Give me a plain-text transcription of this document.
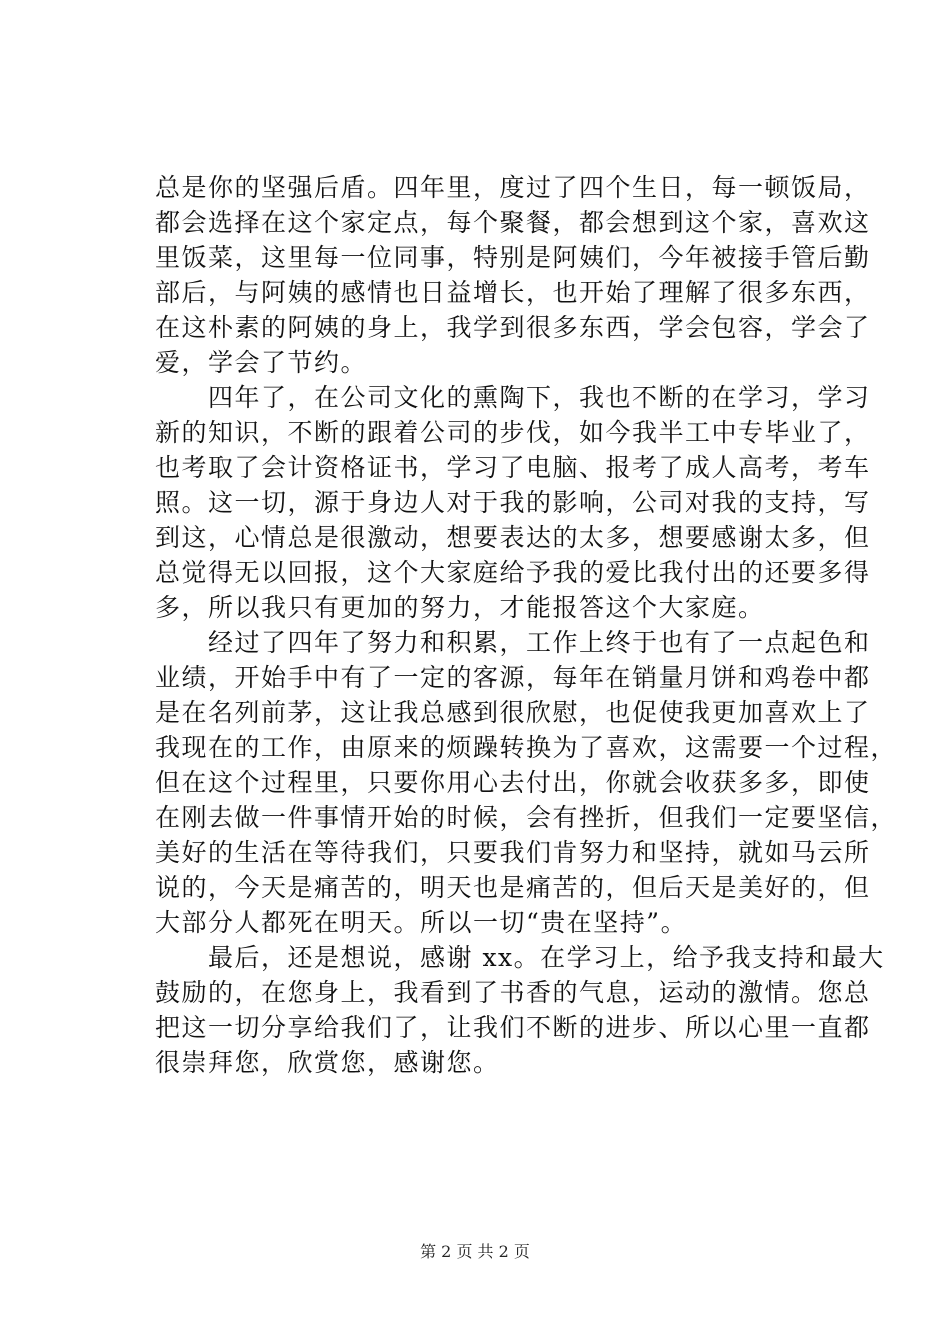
总是你的坚强后盾。四年里，度过了四个生日，每一顿饭局，
都会选择在这个家定点，每个聚餐，都会想到这个家，喜欢这
里饭菜，这里每一位同事，特别是阿姨们，今年被接手管后勤
部后，与阿姨的感情也日益增长，也开始了理解了很多东西，
在这朴素的阿姨的身上，我学到很多东西，学会包容，学会了
爱，学会了节约。
　　四年了，在公司文化的熏陶下，我也不断的在学习，学习
新的知识，不断的跟着公司的步伐，如今我半工中专毕业了，
也考取了会计资格证书，学习了电脑、报考了成人高考，考车
照。这一切，源于身边人对于我的影响，公司对我的支持，写
到这，心情总是很激动，想要表达的太多，想要感谢太多，但
总觉得无以回报，这个大家庭给予我的爱比我付出的还要多得
多，所以我只有更加的努力，才能报答这个大家庭。
　　经过了四年了努力和积累，工作上终于也有了一点起色和
业绩，开始手中有了一定的客源，每年在销量月饼和鸡卷中都
是在名列前茅，这让我总感到很欣慰，也促使我更加喜欢上了
我现在的工作，由原来的烦躁转换为了喜欢，这需要一个过程，
但在这个过程里，只要你用心去付出，你就会收获多多，即使
在刚去做一件事情开始的时候，会有挫折，但我们一定要坚信，
美好的生活在等待我们，只要我们肯努力和坚持，就如马云所
说的，今天是痛苦的，明天也是痛苦的，但后天是美好的，但
大部分人都死在明天。所以一切“贵在坚持”。
　　最后，还是想说，感谢 xx。在学习上，给予我支持和最大
鼓励的，在您身上，我看到了书香的气息，运动的激情。您总
把这一切分享给我们了，让我们不断的进步、所以心里一直都
很崇拜您，欣赏您，感谢您。
第 2 页 共 2 页
